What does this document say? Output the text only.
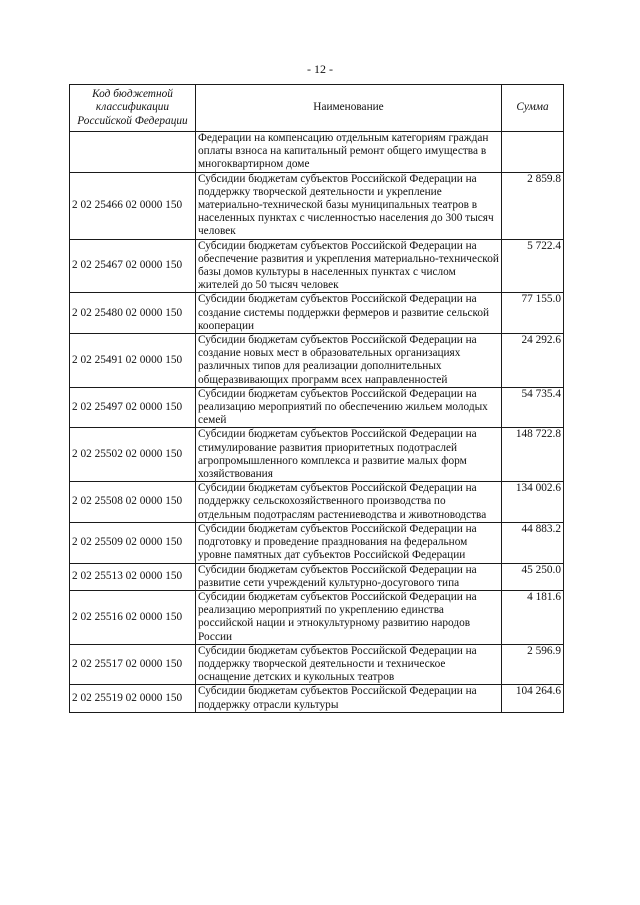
- 12 -
Код бюджетной классификации Российской Федерации	Наименование	Сумма
	Федерации на компенсацию отдельным категориям граждан оплаты взноса на капитальный ремонт общего имущества в многоквартирном доме	
2 02 25466 02 0000 150	Субсидии бюджетам субъектов Российской Федерации на поддержку творческой деятельности и укрепление материально-технической базы муниципальных театров в населенных пунктах с численностью населения до 300 тысяч человек	2 859.8
2 02 25467 02 0000 150	Субсидии бюджетам субъектов Российской Федерации на обеспечение развития и укрепления материально-технической базы домов культуры в населенных пунктах с числом жителей до 50 тысяч человек	5 722.4
2 02 25480 02 0000 150	Субсидии бюджетам субъектов Российской Федерации на создание системы поддержки фермеров и развитие сельской кооперации	77 155.0
2 02 25491 02 0000 150	Субсидии бюджетам субъектов Российской Федерации на создание новых мест в образовательных организациях различных типов для реализации дополнительных общеразвивающих программ всех направленностей	24 292.6
2 02 25497 02 0000 150	Субсидии бюджетам субъектов Российской Федерации на реализацию мероприятий по обеспечению жильем молодых семей	54 735.4
2 02 25502 02 0000 150	Субсидии бюджетам субъектов Российской Федерации на стимулирование развития приоритетных подотраслей агропромышленного комплекса и развитие малых форм хозяйствования	148 722.8
2 02 25508 02 0000 150	Субсидии бюджетам субъектов Российской Федерации на поддержку сельскохозяйственного производства по отдельным подотраслям растениеводства и животноводства	134 002.6
2 02 25509 02 0000 150	Субсидии бюджетам субъектов Российской Федерации на подготовку и проведение празднования на федеральном уровне памятных дат субъектов Российской Федерации	44 883.2
2 02 25513 02 0000 150	Субсидии бюджетам субъектов Российской Федерации на развитие сети учреждений культурно-досугового типа	45 250.0
2 02 25516 02 0000 150	Субсидии бюджетам субъектов Российской Федерации на реализацию мероприятий по укреплению единства российской нации и этнокультурному развитию народов России	4 181.6
2 02 25517 02 0000 150	Субсидии бюджетам субъектов Российской Федерации на поддержку творческой деятельности и техническое оснащение детских и кукольных театров	2 596.9
2 02 25519 02 0000 150	Субсидии бюджетам субъектов Российской Федерации на поддержку отрасли культуры	104 264.6
